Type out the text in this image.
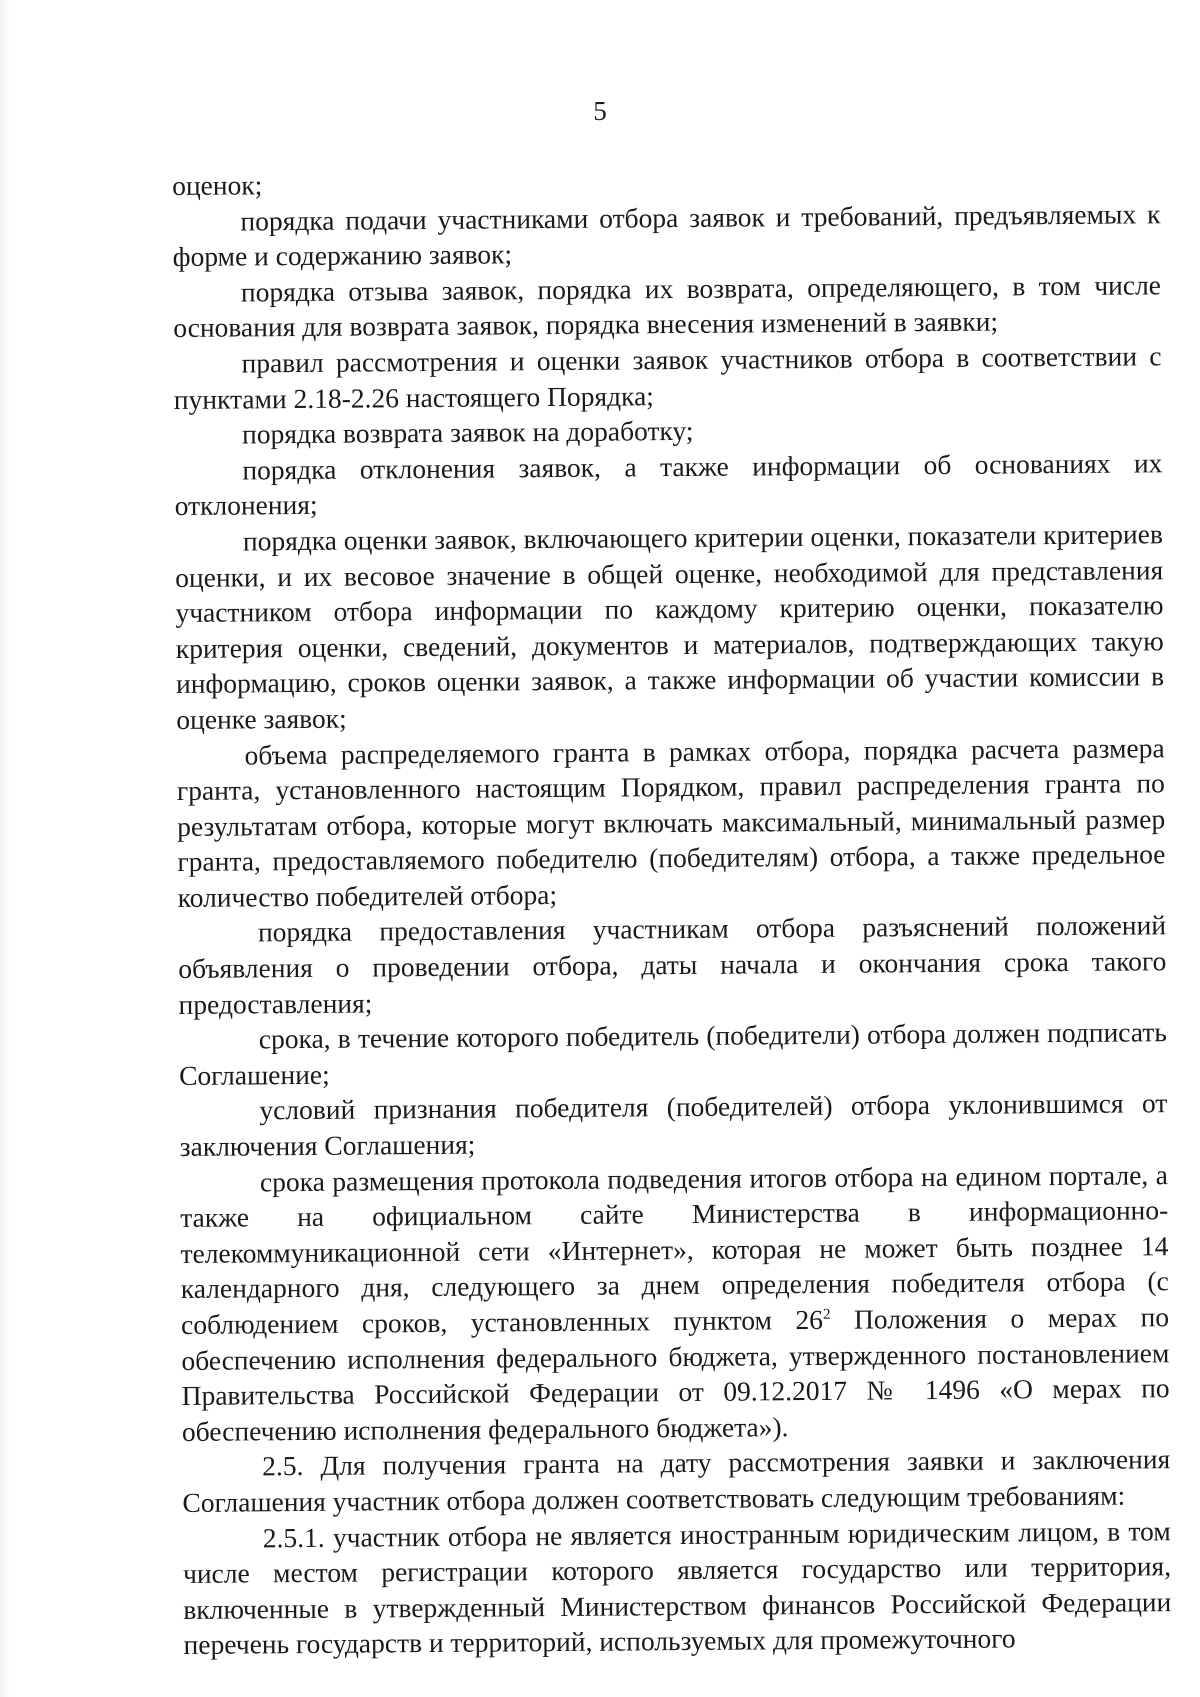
5

оценок;

порядка подачи участниками отбора заявок и требований, предъявляемых к форме и содержанию заявок;

порядка отзыва заявок, порядка их возврата, определяющего, в том числе основания для возврата заявок, порядка внесения изменений в заявки;

правил рассмотрения и оценки заявок участников отбора в соответствии с пунктами 2.18-2.26 настоящего Порядка;

порядка возврата заявок на доработку;

порядка отклонения заявок, а также информации об основаниях их отклонения;

порядка оценки заявок, включающего критерии оценки, показатели критериев оценки, и их весовое значение в общей оценке, необходимой для представления участником отбора информации по каждому критерию оценки, показателю критерия оценки, сведений, документов и материалов, подтверждающих такую информацию, сроков оценки заявок, а также информации об участии комиссии в оценке заявок;

объема распределяемого гранта в рамках отбора, порядка расчета размера гранта, установленного настоящим Порядком, правил распределения гранта по результатам отбора, которые могут включать максимальный, минимальный размер гранта, предоставляемого победителю (победителям) отбора, а также предельное количество победителей отбора;

порядка предоставления участникам отбора разъяснений положений объявления о проведении отбора, даты начала и окончания срока такого предоставления;

срока, в течение которого победитель (победители) отбора должен подписать Соглашение;

условий признания победителя (победителей) отбора уклонившимся от заключения Соглашения;

срока размещения протокола подведения итогов отбора на едином портале, а также на официальном сайте Министерства в информационно-телекоммуникационной сети «Интернет», которая не может быть позднее 14 календарного дня, следующего за днем определения победителя отбора (с соблюдением сроков, установленных пунктом $26^2$ Положения о мерах по обеспечению исполнения федерального бюджета, утвержденного постановлением Правительства Российской Федерации от 09.12.2017 № 1496 «О мерах по обеспечению исполнения федерального бюджета»).

2.5. Для получения гранта на дату рассмотрения заявки и заключения Соглашения участник отбора должен соответствовать следующим требованиям:

2.5.1. участник отбора не является иностранным юридическим лицом, в том числе местом регистрации которого является государство или территория, включенные в утвержденный Министерством финансов Российской Федерации перечень государств и территорий, используемых для промежуточного
